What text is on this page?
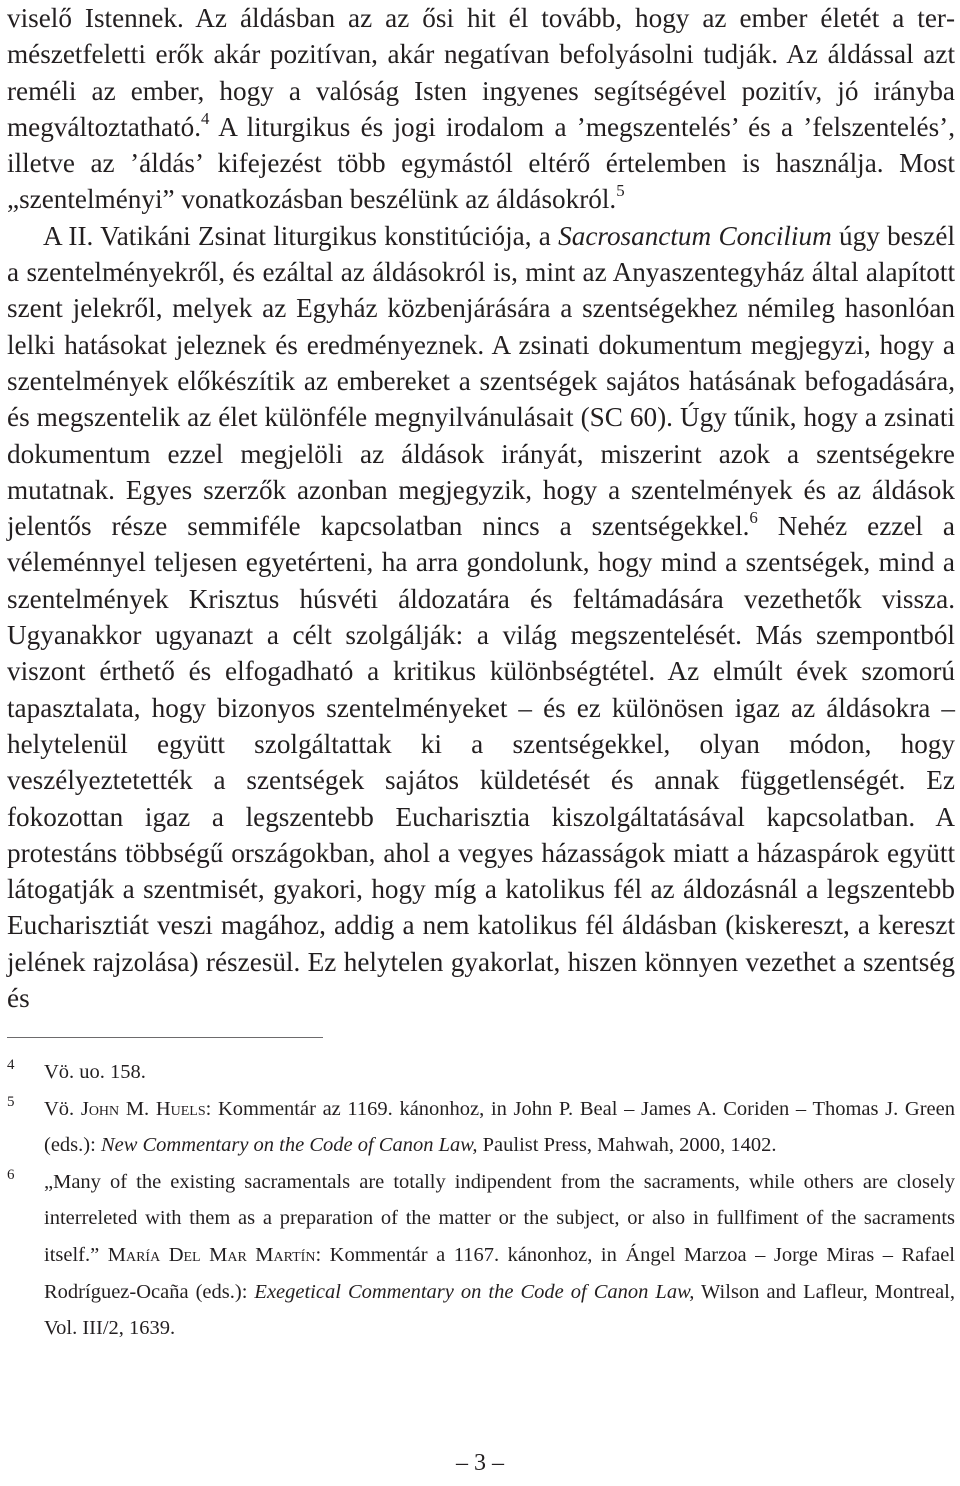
viselő Istennek. Az áldásban az az ősi hit él tovább, hogy az ember életét a természetfeletti erők akár pozitívan, akár negatívan befolyásolni tudják. Az áldással azt reméli az ember, hogy a valóság Isten ingyenes segítségével pozitív, jó irányba megváltoztatható.$^4$ A liturgikus és jogi irodalom a ’megszentelés’ és a ’felszentelés’, illetve az ’áldás’ kifejezést több egymástól eltérő értelemben is használja. Most „szentelményi” vonatkozásban beszélünk az áldásokról.$^5$

A II. Vatikáni Zsinat liturgikus konstitúciója, a Sacrosanctum Concilium úgy beszél a szentelményekről, és ezáltal az áldásokról is, mint az Anyaszentegyház által alapított szent jelekről, melyek az Egyház közbenjárására a szentségekhez némileg hasonlóan lelki hatásokat jeleznek és eredményeznek. A zsinati dokumentum megjegyzi, hogy a szentelmények előkészítik az embereket a szentségek sajátos hatásának befogadására, és megszentelik az élet különféle megnyilvánulásait (SC 60). Úgy tűnik, hogy a zsinati dokumentum ezzel megjelöli az áldások irányát, miszerint azok a szentségekre mutatnak. Egyes szerzők azonban megjegyzik, hogy a szentelmények és az áldások jelentős része semmiféle kapcsolatban nincs a szentségekkel.$^6$ Nehéz ezzel a véleménnyel teljesen egyetérteni, ha arra gondolunk, hogy mind a szentségek, mind a szentelmények Krisztus húsvéti áldozatára és feltámadására vezethetők vissza. Ugyanakkor ugyanazt a célt szolgálják: a világ megszentelését. Más szempontból viszont érthető és elfogadható a kritikus különbségtétel. Az elmúlt évek szomorú tapasztalata, hogy bizonyos szentelményeket – és ez különösen igaz az áldásokra – helytelenül együtt szolgáltattak ki a szentségekkel, olyan módon, hogy veszélyeztetették a szentségek sajátos küldetését és annak függetlenségét. Ez fokozottan igaz a legszentebb Eucharisztia kiszolgáltatásával kapcsolatban. A protestáns többségű országokban, ahol a vegyes házasságok miatt a házaspárok együtt látogatják a szentmisét, gyakori, hogy míg a katolikus fél az áldozásnál a legszentebb Eucharisztiát veszi magához, addig a nem katolikus fél áldásban (kiskereszt, a kereszt jelének rajzolása) részesül. Ez helytelen gyakorlat, hiszen könnyen vezethet a szentség és

4 Vö. uo. 158.
5 Vö. John M. Huels: Kommentár az 1169. kánonhoz, in John P. Beal – James A. Coriden – Thomas J. Green (eds.): New Commentary on the Code of Canon Law, Paulist Press, Mahwah, 2000, 1402.
6 „Many of the existing sacramentals are totally indipendent from the sacraments, while others are closely interreleted with them as a preparation of the matter or the subject, or also in fullfiment of the sacraments itself.” María Del Mar Martín: Kommentár a 1167. kánonhoz, in Ángel Marzoa – Jorge Miras – Rafael Rodríguez-Ocaña (eds.): Exegetical Commentary on the Code of Canon Law, Wilson and Lafleur, Montreal, Vol. III/2, 1639.
– 3 –
